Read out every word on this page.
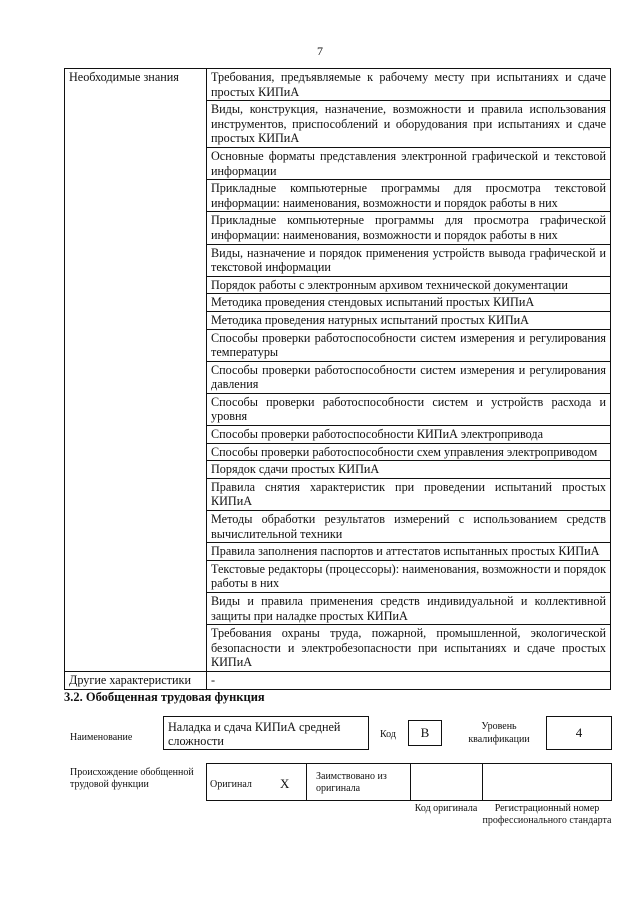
7
Необходимые знания	Требования, предъявляемые к рабочему месту при испытаниях и сдаче простых КИПиА
	Виды, конструкция, назначение, возможности и правила использования инструментов, приспособлений и оборудования при испытаниях и сдаче простых КИПиА
	Основные форматы представления электронной графической и текстовой информации
	Прикладные компьютерные программы для просмотра текстовой информации: наименования, возможности и порядок работы в них
	Прикладные компьютерные программы для просмотра графической информации: наименования, возможности и порядок работы в них
	Виды, назначение и порядок применения устройств вывода графической и текстовой информации
	Порядок работы с электронным архивом технической документации
	Методика проведения стендовых испытаний простых КИПиА
	Методика проведения натурных испытаний простых КИПиА
	Способы проверки работоспособности систем измерения и регулирования температуры
	Способы проверки работоспособности систем измерения и регулирования давления
	Способы проверки работоспособности систем и устройств расхода и уровня
	Способы проверки работоспособности КИПиА электропривода
	Способы проверки работоспособности схем управления электроприводом
	Порядок сдачи простых КИПиА
	Правила снятия характеристик при проведении испытаний простых КИПиА
	Методы обработки результатов измерений с использованием средств вычислительной техники
	Правила заполнения паспортов и аттестатов испытанных простых КИПиА
	Текстовые редакторы (процессоры): наименования, возможности и порядок работы в них
	Виды и правила применения средств индивидуальной и коллективной защиты при наладке простых КИПиА
	Требования охраны труда, пожарной, промышленной, экологической безопасности и электробезопасности при испытаниях и сдаче простых КИПиА
Другие характеристики	-
3.2. Обобщенная трудовая функция
Наименование
Наладка и сдача КИПиА средней сложности	Код	В	Уровень квалификации	4
Происхождение обобщенной трудовой функции	Оригинал X	Заимствовано из оригинала
Код оригинала	Регистрационный номер профессионального стандарта
